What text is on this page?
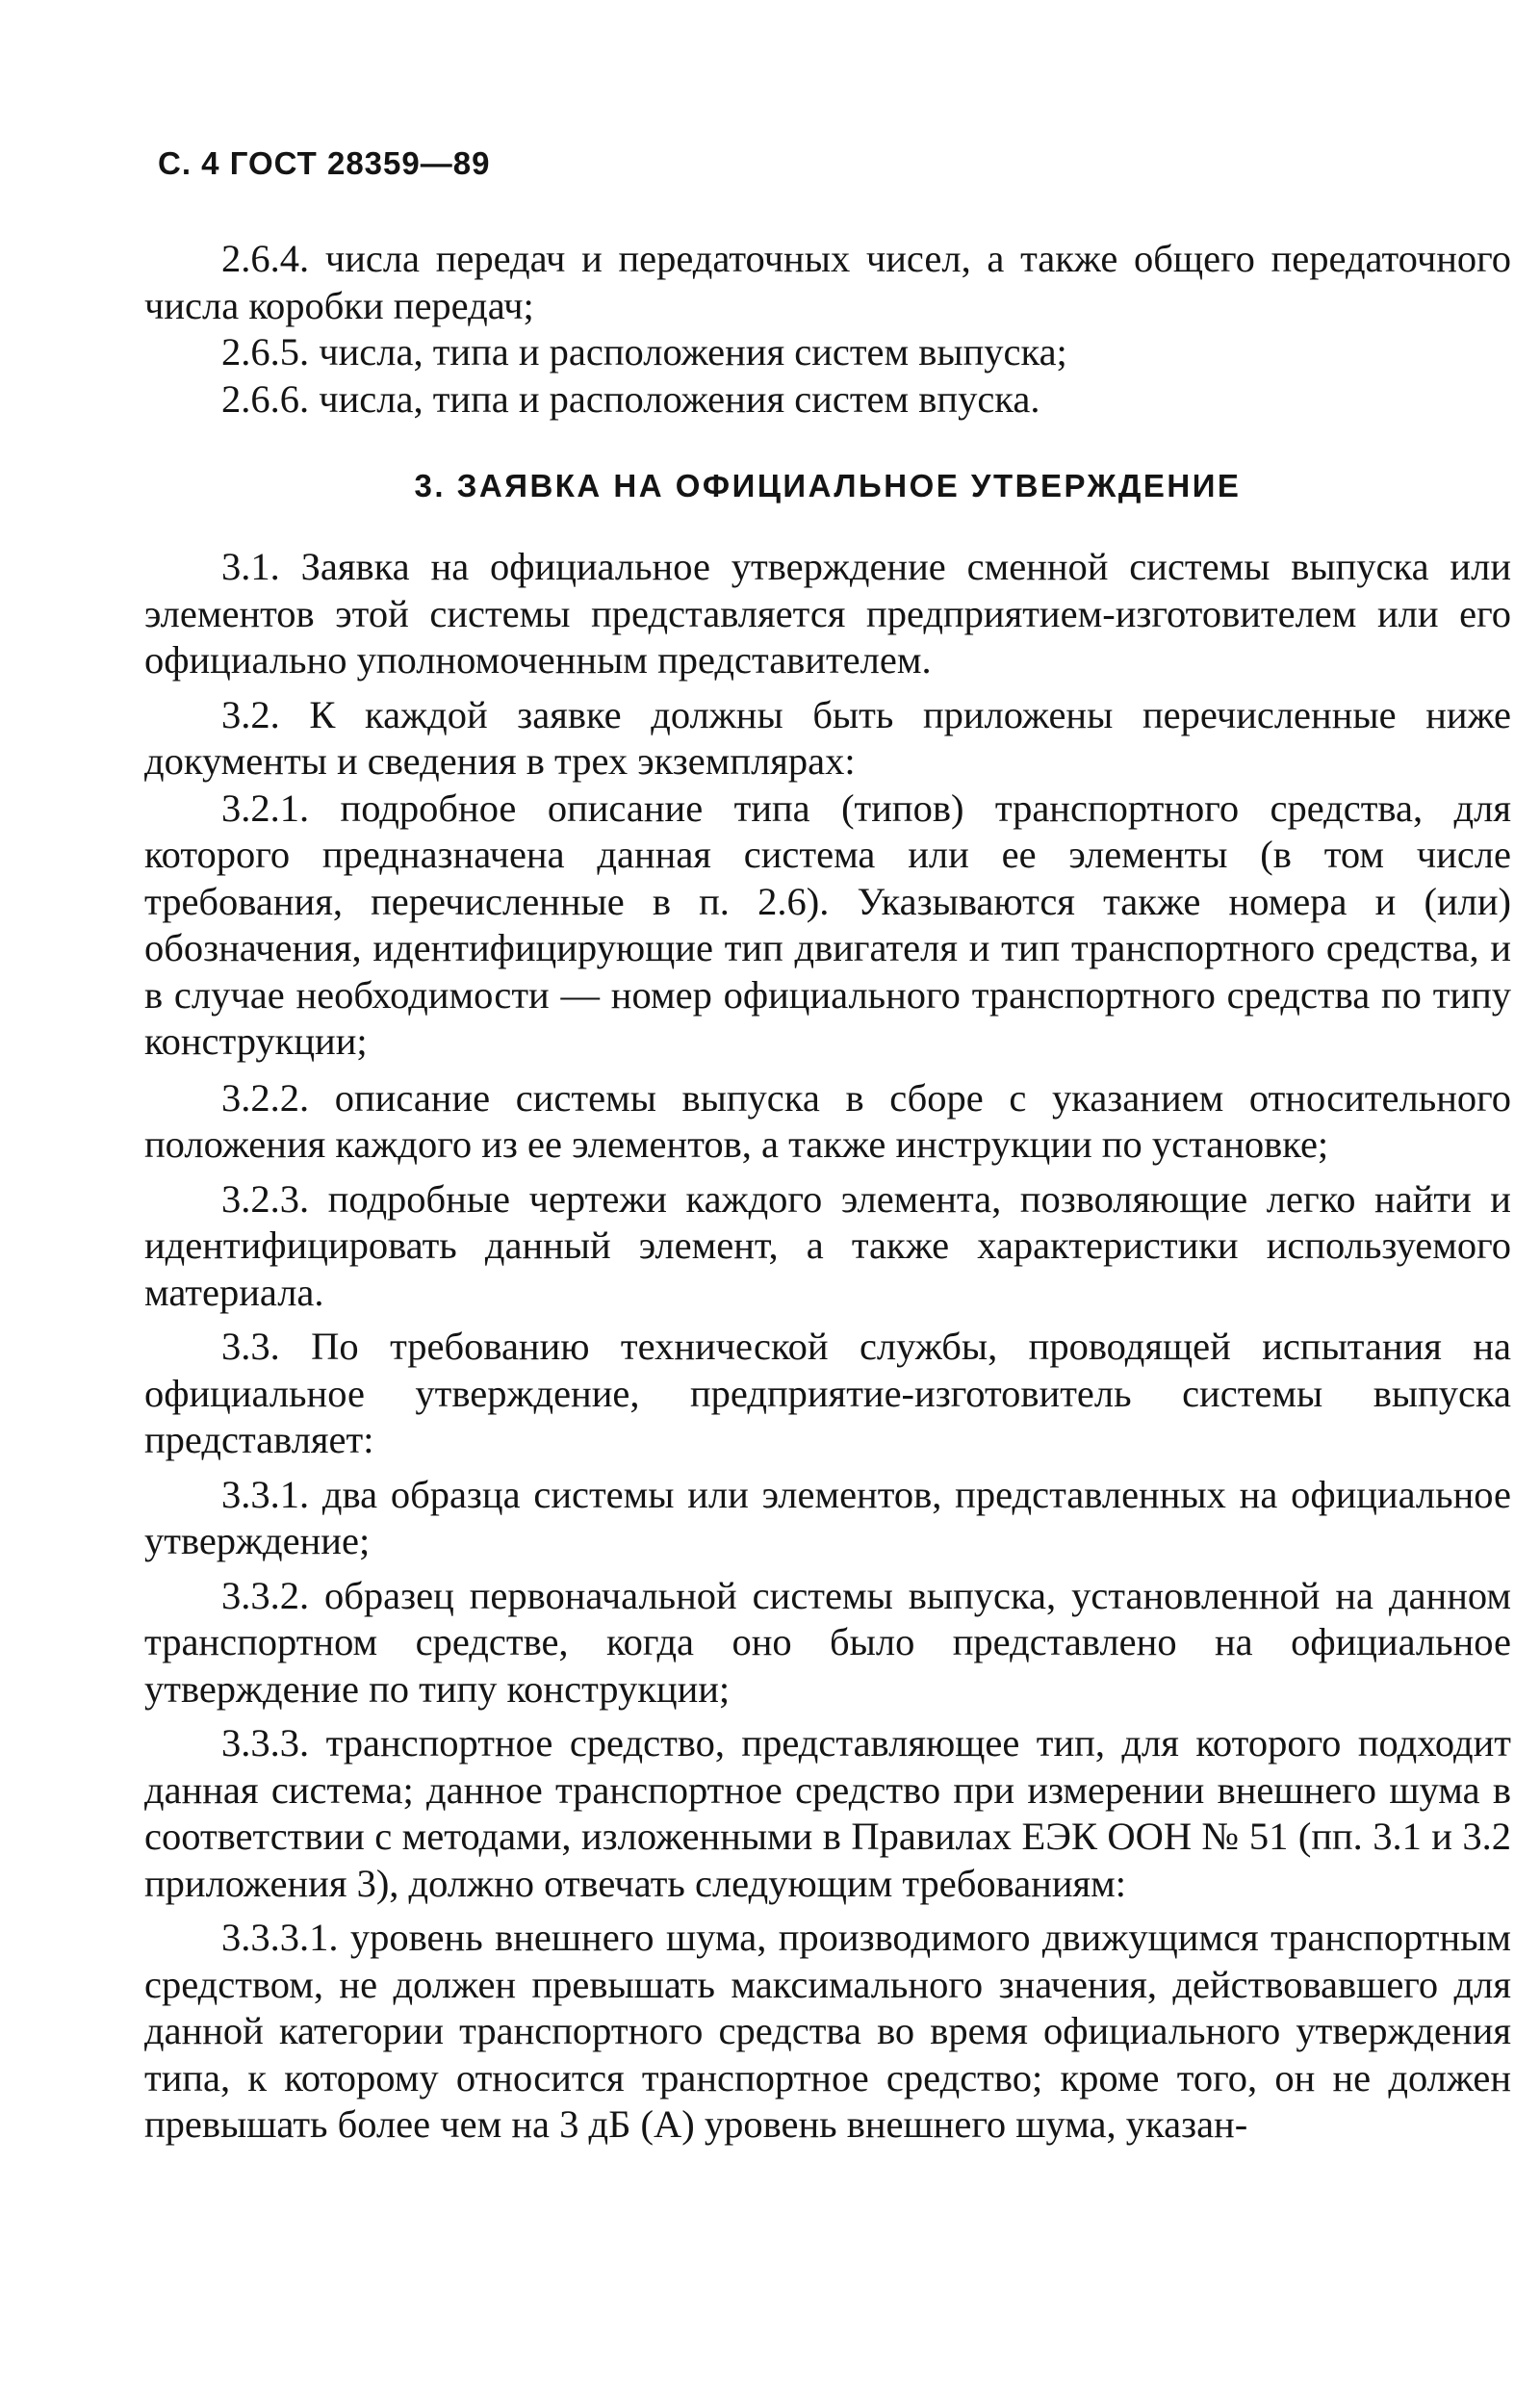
С. 4 ГОСТ 28359—89
2.6.4. числа передач и передаточных чисел, а также общего передаточного числа коробки передач;
2.6.5. числа, типа и расположения систем выпуска;
2.6.6. числа, типа и расположения систем впуска.
3. ЗАЯВКА НА ОФИЦИАЛЬНОЕ УТВЕРЖДЕНИЕ
3.1. Заявка на официальное утверждение сменной системы выпуска или элементов этой системы представляется предприятием-изготовителем или его официально уполномоченным представителем.
3.2. К каждой заявке должны быть приложены перечисленные ниже документы и сведения в трех экземплярах:
3.2.1. подробное описание типа (типов) транспортного средства, для которого предназначена данная система или ее элементы (в том числе требования, перечисленные в п. 2.6). Указываются также номера и (или) обозначения, идентифицирующие тип двигателя и тип транспортного средства, и в случае необходимости — номер официального транспортного средства по типу конструкции;
3.2.2. описание системы выпуска в сборе с указанием относительного положения каждого из ее элементов, а также инструкции по установке;
3.2.3. подробные чертежи каждого элемента, позволяющие легко найти и идентифицировать данный элемент, а также характеристики используемого материала.
3.3. По требованию технической службы, проводящей испытания на официальное утверждение, предприятие-изготовитель системы выпуска представляет:
3.3.1. два образца системы или элементов, представленных на официальное утверждение;
3.3.2. образец первоначальной системы выпуска, установленной на данном транспортном средстве, когда оно было представлено на официальное утверждение по типу конструкции;
3.3.3. транспортное средство, представляющее тип, для которого подходит данная система; данное транспортное средство при измерении внешнего шума в соответствии с методами, изложенными в Правилах ЕЭК ООН № 51 (пп. 3.1 и 3.2 приложения 3), должно отвечать следующим требованиям:
3.3.3.1. уровень внешнего шума, производимого движущимся транспортным средством, не должен превышать максимального значения, действовавшего для данной категории транспортного средства во время официального утверждения типа, к которому относится транспортное средство; кроме того, он не должен превышать более чем на 3 дБ (А) уровень внешнего шума, указан-
